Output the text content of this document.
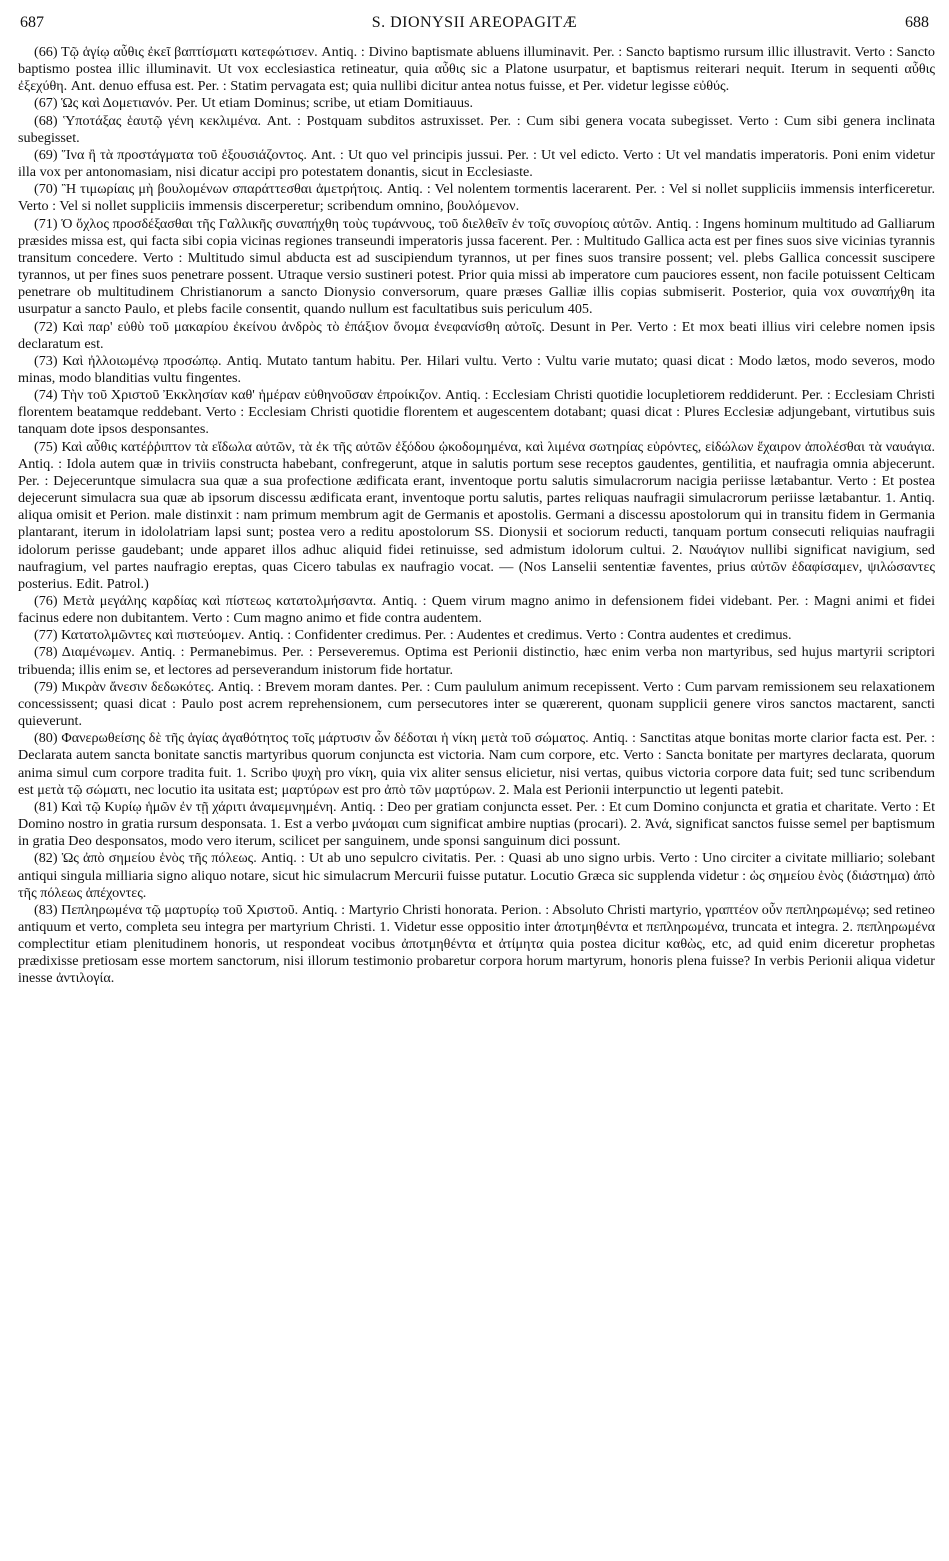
687	S. DIONYSII AREOPAGITÆ	688

(66) Τῷ ἁγίῳ αὖθις ἐκεῖ βαπτίσματι κατεφώτισεν. Antiq. : Divino baptismate abluens illuminavit. Per. : Sancto baptismo rursum illic illustravit. Verto : Sancto baptismo postea illic illuminavit. Ut vox ecclesiastica retineatur, quia αὖθις sic a Platone usurpatur, et baptismus reiterari nequit. Iterum in sequenti αὖθις ἐξεχύθη. Ant. denuo effusa est. Per. : Statim pervagata est; quia nullibi dicitur antea notus fuisse, et Per. videtur legisse εὐθύς.

(67) Ὡς καὶ Δομετιανόν. Per. Ut etiam Dominus; scribe, ut etiam Domitiauus.

(68) Ὑποτάξας ἑαυτῷ γένη κεκλιμένα. Ant. : Postquam subditos astruxisset. Per. : Cum sibi genera vocata subegisset. Verto : Cum sibi genera inclinata subegisset.

(69) Ἵνα ἢ τὰ προστάγματα τοῦ ἐξουσιάζοντος. Ant. : Ut quo vel principis jussui. Per. : Ut vel edicto. Verto : Ut vel mandatis imperatoris. Poni enim videtur illa vox per antonomasiam, nisi dicatur accipi pro potestatem donantis, sicut in Ecclesiaste.

(70) Ἢ τιμωρίαις μὴ βουλομένων σπαράττεσθαι ἀμετρήτοις. Antiq. : Vel nolentem tormentis lacerarent. Per. : Vel si nollet suppliciis immensis interficeretur. Verto : Vel si nollet suppliciis immensis discerperetur; scribendum omnino, βουλόμενον.

(71) Ὁ ὄχλος προσδέξασθαι τῆς Γαλλικῆς συναπήχθη τοὺς τυράννους, τοῦ διελθεῖν ἐν τοῖς συνορίοις αὐτῶν. Antiq. : Ingens hominum multitudo ad Galliarum præsides missa est, qui facta sibi copia vicinas regiones transeundi imperatoris jussa facerent. Per. : Multitudo Gallica acta est per fines suos sive vicinias tyrannis transitum concedere. Verto : Multitudo simul abducta est ad suscipiendum tyrannos, ut per fines suos transire possent; vel. plebs Gallica concessit suscipere tyrannos, ut per fines suos penetrare possent. Utraque versio sustineri potest. Prior quia missi ab imperatore cum pauciores essent, non facile potuissent Celticam penetrare ob multitudinem Christianorum a sancto Dionysio conversorum, quare præses Galliæ illis copias submiserit. Posterior, quia vox συναπήχθη ita usurpatur a sancto Paulo, et plebs facile consentit, quando nullum est facultatibus suis periculum 405.

(72) Καὶ παρ' εὐθὺ τοῦ μακαρίου ἐκείνου ἀνδρὸς τὸ ἐπάξιον ὄνομα ἐνεφανίσθη αὐτοῖς. Desunt in Per. Verto : Et mox beati illius viri celebre nomen ipsis declaratum est.

(73) Καὶ ἠλλοιωμένῳ προσώπῳ. Antiq. Mutato tantum habitu. Per. Hilari vultu. Verto : Vultu varie mutato; quasi dicat : Modo lætos, modo severos, modo minas, modo blanditias vultu fingentes.

(74) Τὴν τοῦ Χριστοῦ Ἐκκλησίαν καθ' ἡμέραν εὐθηνοῦσαν ἐπροίκιζον. Antiq. : Ecclesiam Christi quotidie locupletiorem reddiderunt. Per. : Ecclesiam Christi florentem beatamque reddebant. Verto : Ecclesiam Christi quotidie florentem et augescentem dotabant; quasi dicat : Plures Ecclesiæ adjungebant, virtutibus suis tanquam dote ipsos desponsantes.

(75) Καὶ αὖθις κατέῤῥιπτον τὰ εἴδωλα αὐτῶν, τὰ ἐκ τῆς αὐτῶν ἐξόδου ᾠκοδομημένα, καὶ λιμένα σωτηρίας εὑρόντες, εἰδώλων ἔχαιρον ἀπολέσθαι τὰ ναυάγια. Antiq. : Idola autem quæ in triviis constructa habebant, confregerunt, atque in salutis portum sese receptos gaudentes, gentilitia, et naufragia omnia abjecerunt. Per. : Dejeceruntque simulacra sua quæ a sua profectione ædificata erant, inventoque portu salutis simulacrorum nacigia periisse lætabantur. Verto : Et postea dejecerunt simulacra sua quæ ab ipsorum discessu ædificata erant, inventoque portu salutis, partes reliquas naufragii simulacrorum periisse lætabantur. 1. Antiq. aliqua omisit et Perion. male distinxit : nam primum membrum agit de Germanis et apostolis. Germani a discessu apostolorum qui in transitu fidem in Germania plantarant, iterum in idololatriam lapsi sunt; postea vero a reditu apostolorum SS. Dionysii et sociorum reducti, tanquam portum consecuti reliquias naufragii idolorum perisse gaudebant; unde apparet illos adhuc aliquid fidei retinuisse, sed admistum idolorum cultui. 2. Ναυάγιον nullibi significat navigium, sed naufragium, vel partes naufragio ereptas, quas Cicero tabulas ex naufragio vocat. — (Nos Lanselii sententiæ faventes, prius αὐτῶν ἐδαφίσαμεν, ψιλώσαντες posterius. Edit. Patrol.)

(76) Μετὰ μεγάλης καρδίας καὶ πίστεως κατατολμήσαντα. Antiq. : Quem virum magno animo in defensionem fidei videbant. Per. : Magni animi et fidei facinus edere non dubitantem. Verto : Cum magno animo et fide contra audentem.

(77) Κατατολμῶντες καὶ πιστεύομεν. Antiq. : Confidenter credimus. Per. : Audentes et credimus. Verto : Contra audentes et credimus.

(78) Διαμένωμεν. Antiq. : Permanebimus. Per. : Perseveremus. Optima est Perionii distinctio, hæc enim verba non martyribus, sed hujus martyrii scriptori tribuenda; illis enim se, et lectores ad perseverandum inistorum fide hortatur.

(79) Μικρὰν ἄνεσιν δεδωκότες. Antiq. : Brevem moram dantes. Per. : Cum paululum animum recepissent. Verto : Cum parvam remissionem seu relaxationem concessissent; quasi dicat : Paulo post acrem reprehensionem, cum persecutores inter se quærerent, quonam supplicii genere viros sanctos mactarent, sancti quieverunt.

(80) Φανερωθείσης δὲ τῆς ἁγίας ἀγαθότητος τοῖς μάρτυσιν ὧν δέδοται ἡ νίκη μετὰ τοῦ σώματος. Antiq. : Sanctitas atque bonitas morte clarior facta est. Per. : Declarata autem sancta bonitate sanctis martyribus quorum conjuncta est victoria. Nam cum corpore, etc. Verto : Sancta bonitate per martyres declarata, quorum anima simul cum corpore tradita fuit. 1. Scribo ψυχὴ pro νίκη, quia vix aliter sensus elicietur, nisi vertas, quibus victoria corpore data fuit; sed tunc scribendum est μετὰ τῷ σώματι, nec locutio ita usitata est; μαρτύρων est pro ἀπὸ τῶν μαρτύρων. 2. Mala est Perionii interpunctio ut legenti patebit.

(81) Καὶ τῷ Κυρίῳ ἡμῶν ἐν τῇ χάριτι ἀναμεμνημένη. Antiq. : Deo per gratiam conjuncta esset. Per. : Et cum Domino conjuncta et gratia et charitate. Verto : Et Domino nostro in gratia rursum desponsata. 1. Est a verbo μνάομαι cum significat ambire nuptias (procari). 2. Ἀνά, significat sanctos fuisse semel per baptismum in gratia Deo desponsatos, modo vero iterum, scilicet per sanguinem, unde sponsi sanguinum dici possunt.

(82) Ὡς ἀπὸ σημείου ἑνὸς τῆς πόλεως. Antiq. : Ut ab uno sepulcro civitatis. Per. : Quasi ab uno signo urbis. Verto : Uno circiter a civitate milliario; solebant antiqui singula milliaria signo aliquo notare, sicut hic simulacrum Mercurii fuisse putatur. Locutio Græca sic supplenda videtur : ὡς σημείου ἑνὸς (διάστημα) ἀπὸ τῆς πόλεως ἀπέχοντες.

(83) Πεπληρωμένα τῷ μαρτυρίῳ τοῦ Χριστοῦ. Antiq. : Martyrio Christi honorata. Perion. : Absoluto Christi martyrio, γραπτέον οὖν πεπληρωμένῳ; sed retineo antiquum et verto, completa seu integra per martyrium Christi. 1. Videtur esse oppositio inter ἀποτμηθέντα et πεπληρωμένα, truncata et integra. 2. πεπληρωμένα complectitur etiam plenitudinem honoris, ut respondeat vocibus ἀποτμηθέντα et ἀτίμητα quia postea dicitur καθὼς, etc, ad quid enim diceretur prophetas prædixisse pretiosam esse mortem sanctorum, nisi illorum testimonio probaretur corpora horum martyrum, honoris plena fuisse? In verbis Perionii aliqua videtur inesse ἀντιλογία.
